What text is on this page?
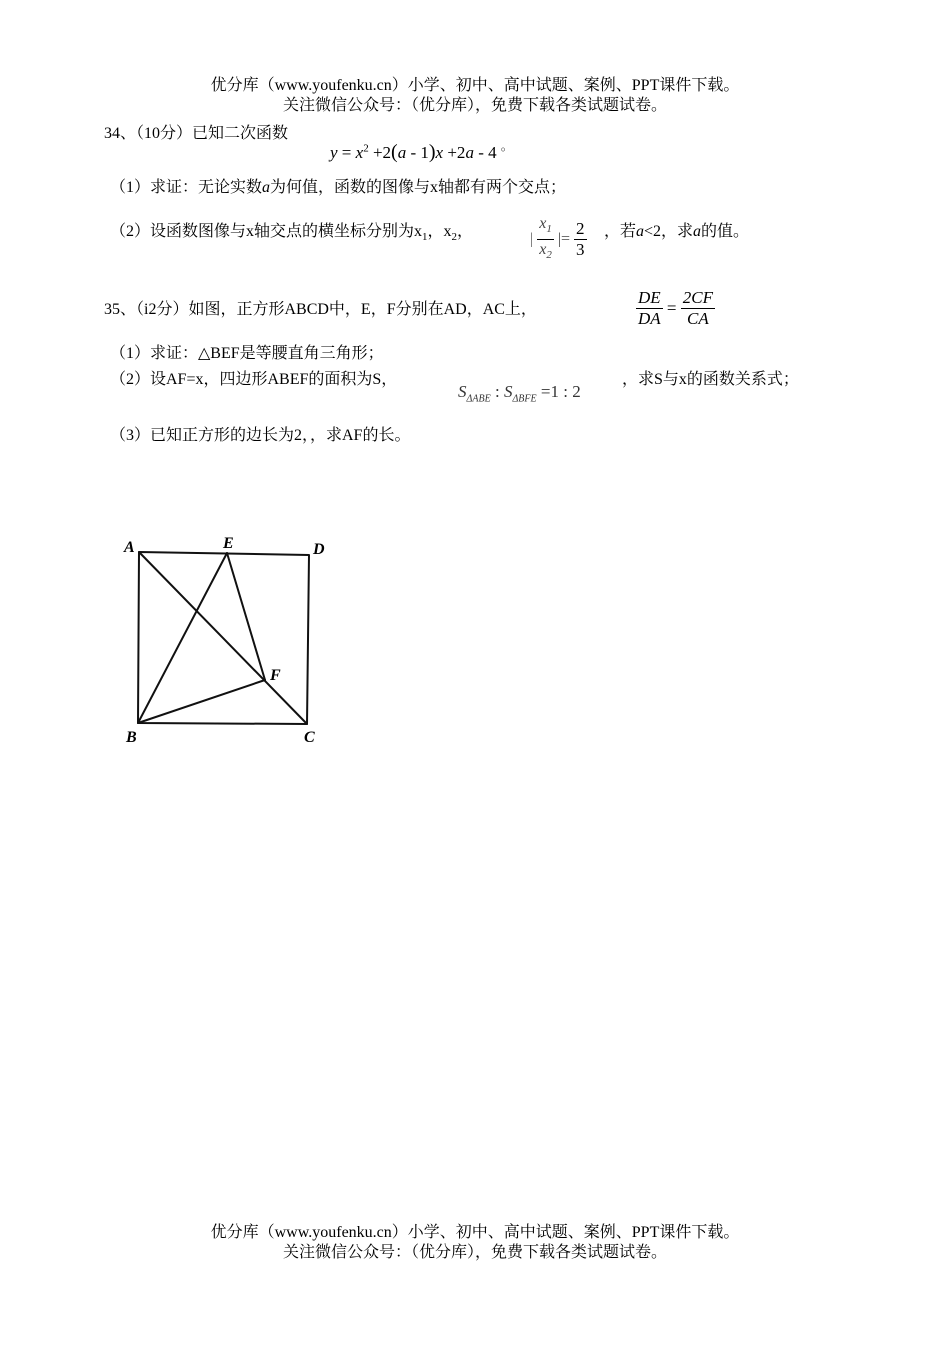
优分库（www.youfenku.cn）小学、初中、高中试题、案例、PPT课件下载。
关注微信公众号：（优分库），免费下载各类试题试卷。
34、（10分）已知二次函数
$y = x^2 +2(a - 1)x +2a - 4$ 。
（1）求证：无论实数a为何值，函数的图像与x轴都有两个交点；
（2）设函数图像与x轴交点的横坐标分别为$x_1$，$x_2$，	| $\frac{x_1}{x_2}$ |= $\frac{2}{3}$ ，若a<2，求a的值。
35、（i2分）如图，正方形ABCD中，E，F分别在AD，AC上，	$\frac{DE}{DA} = \frac{2CF}{CA}$
（1）求证：△BEF是等腰直角三角形；
（2）设AF=x，四边形ABEF的面积为S，
$S_{\Delta ABE}$ : $S_{\Delta BFE} =1$ : 2
，求S与x的函数关系式；
（3）已知正方形的边长为2，，求AF的长。
A	E	D
F
B	C
优分库（www.youfenku.cn）小学、初中、高中试题、案例、PPT课件下载。
关注微信公众号：（优分库），免费下载各类试题试卷。
